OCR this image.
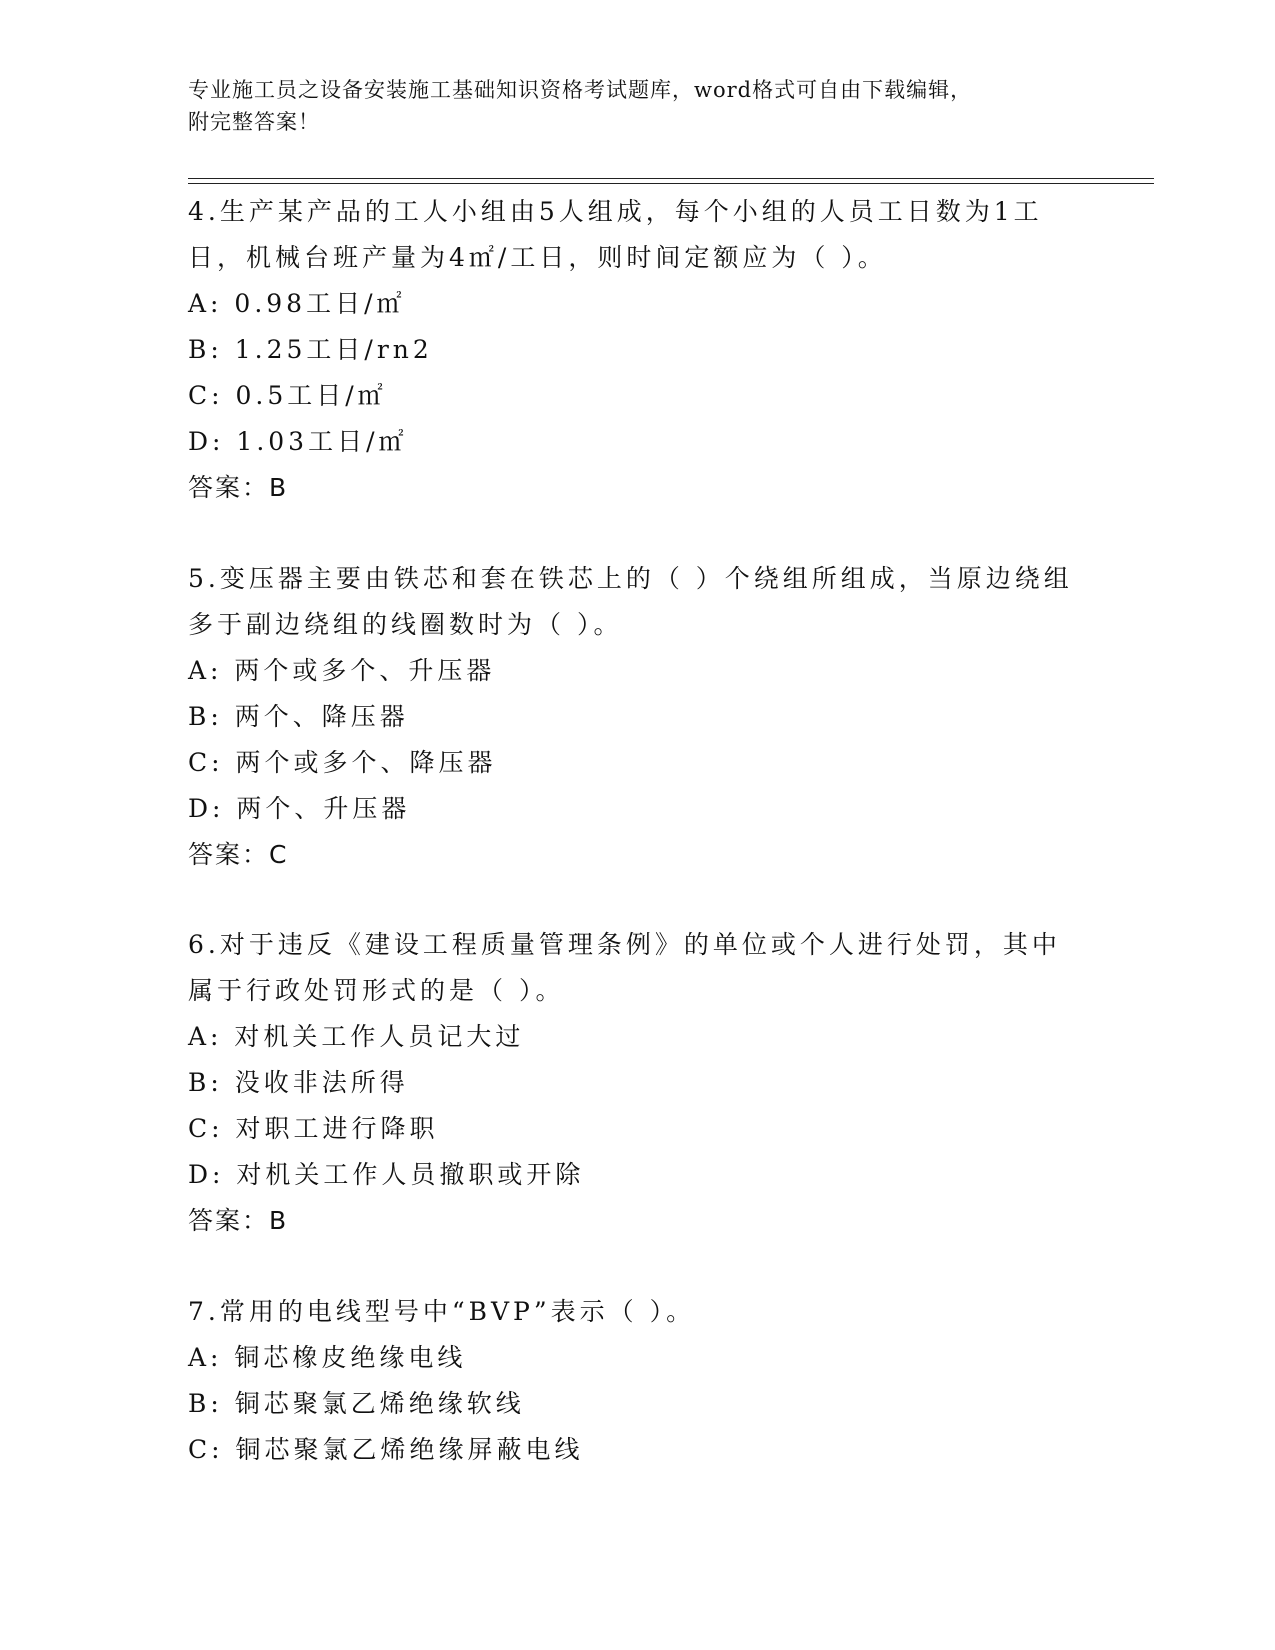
专业施工员之设备安装施工基础知识资格考试题库，word格式可自由下载编辑，
附完整答案！
4.生产某产品的工人小组由5人组成，每个小组的人员工日数为1工
日，机械台班产量为4㎡/工日，则时间定额应为（ ）。
A: 0.98工日/㎡
B: 1.25工日/rn2
C: 0.5工日/㎡
D: 1.03工日/㎡
答案：B
5.变压器主要由铁芯和套在铁芯上的（ ）个绕组所组成，当原边绕组
多于副边绕组的线圈数时为（ ）。
A: 两个或多个、升压器
B: 两个、降压器
C: 两个或多个、降压器
D: 两个、升压器
答案：C
6.对于违反《建设工程质量管理条例》的单位或个人进行处罚，其中
属于行政处罚形式的是（ ）。
A: 对机关工作人员记大过
B: 没收非法所得
C: 对职工进行降职
D: 对机关工作人员撤职或开除
答案：B
7.常用的电线型号中“BVP”表示（ ）。
A: 铜芯橡皮绝缘电线
B: 铜芯聚氯乙烯绝缘软线
C: 铜芯聚氯乙烯绝缘屏蔽电线
